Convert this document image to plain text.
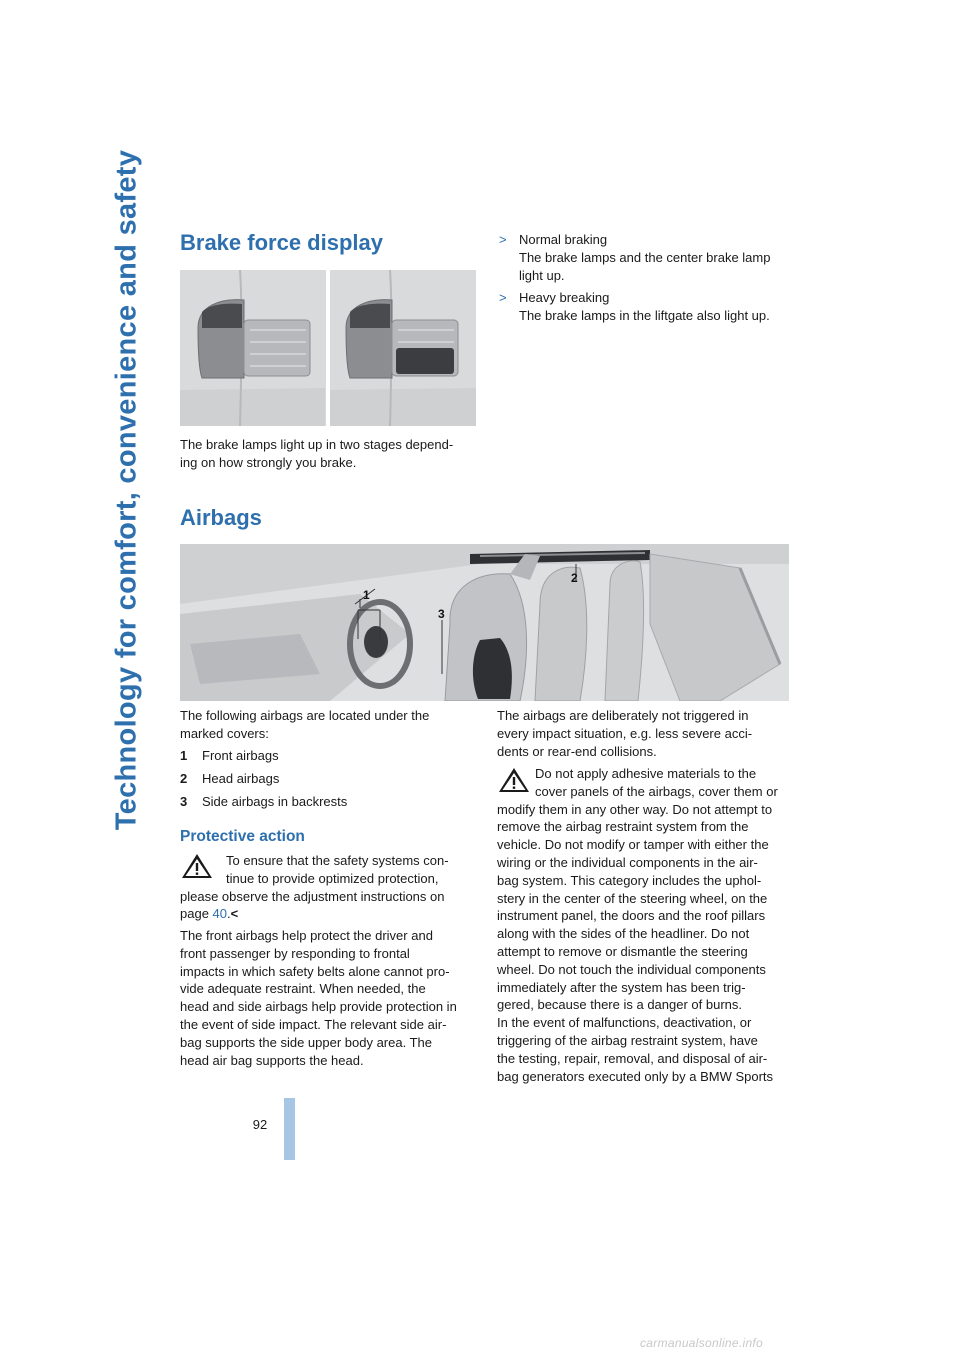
Technology for comfort, convenience and safety Brake force display

The brake lamps light up in two stages depend-
ing on how strongly you brake.

> Normal braking
The brake lamps and the center brake lamp
light up.
> Heavy breaking
The brake lamps in the liftgate also light up.
Airbags
1
2
3

The following airbags are located under the
marked covers:

1 Front airbags
2 Head airbags
3 Side airbags in backrests
Protective action

To ensure that the safety systems con-
tinue to provide optimized protection,
please observe the adjustment instructions on
page 40.<

The front airbags help protect the driver and
front passenger by responding to frontal
impacts in which safety belts alone cannot pro-
vide adequate restraint. When needed, the
head and side airbags help provide protection in
the event of side impact. The relevant side air-
bag supports the side upper body area. The
head air bag supports the head.

The airbags are deliberately not triggered in
every impact situation, e.g. less severe acci-
dents or rear-end collisions.

Do not apply adhesive materials to the
cover panels of the airbags, cover them or
modify them in any other way. Do not attempt to
remove the airbag restraint system from the
vehicle. Do not modify or tamper with either the
wiring or the individual components in the air-
bag system. This category includes the uphol-
stery in the center of the steering wheel, on the
instrument panel, the doors and the roof pillars
along with the sides of the headliner. Do not
attempt to remove or dismantle the steering
wheel. Do not touch the individual components
immediately after the system has been trig-
gered, because there is a danger of burns.
In the event of malfunctions, deactivation, or
triggering of the airbag restraint system, have
the testing, repair, removal, and disposal of air-
bag generators executed only by a BMW Sports

92
carmanualsonline.info
